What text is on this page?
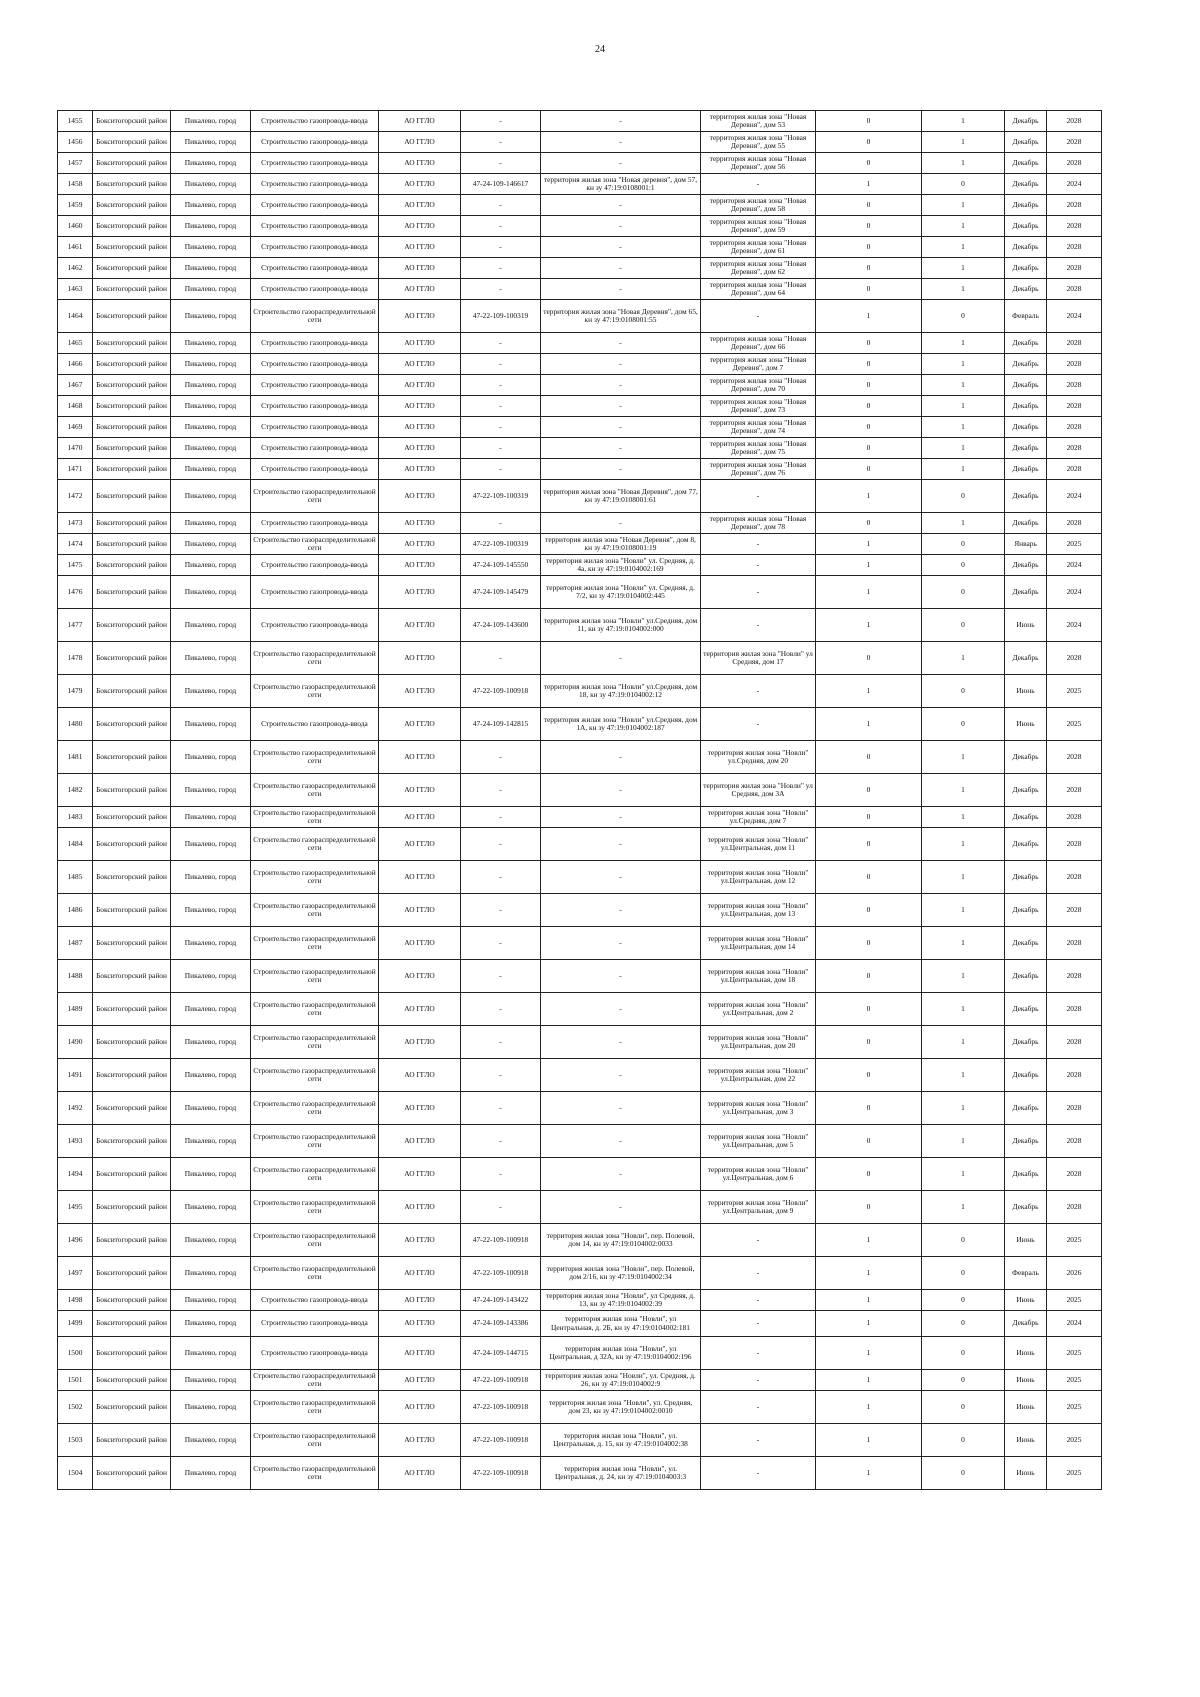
24
1455	Бокситогорский район	Пикалево, город	Строительство газопровода-ввода	АО ГГЛО	-	-	территория жилая зона "Новая Деревня", дом 53	0	1	Декабрь	2028
1456	Бокситогорский район	Пикалево, город	Строительство газопровода-ввода	АО ГГЛО	-	-	территория жилая зона "Новая Деревня", дом 55	0	1	Декабрь	2028
1457	Бокситогорский район	Пикалево, город	Строительство газопровода-ввода	АО ГГЛО	-	-	территория жилая зона "Новая Деревня", дом 56	0	1	Декабрь	2028
1458	Бокситогорский район	Пикалево, город	Строительство газопровода-ввода	АО ГГЛО	47-24-109-146617	территория жилая зона "Новая деревня", дом 57, кн зу 47:19:0108001:1	-	1	0	Декабрь	2024
1459	Бокситогорский район	Пикалево, город	Строительство газопровода-ввода	АО ГГЛО	-	-	территория жилая зона "Новая Деревня", дом 58	0	1	Декабрь	2028
1460	Бокситогорский район	Пикалево, город	Строительство газопровода-ввода	АО ГГЛО	-	-	территория жилая зона "Новая Деревня", дом 59	0	1	Декабрь	2028
1461	Бокситогорский район	Пикалево, город	Строительство газопровода-ввода	АО ГГЛО	-	-	территория жилая зона "Новая Деревня", дом 61	0	1	Декабрь	2028
1462	Бокситогорский район	Пикалево, город	Строительство газопровода-ввода	АО ГГЛО	-	-	территория жилая зона "Новая Деревня", дом 62	0	1	Декабрь	2028
1463	Бокситогорский район	Пикалево, город	Строительство газопровода-ввода	АО ГГЛО	-	-	территория жилая зона "Новая Деревня", дом 64	0	1	Декабрь	2028
1464	Бокситогорский район	Пикалево, город	Строительство газораспределительной сети	АО ГГЛО	47-22-109-100319	территория жилая зона "Новая Деревня", дом 65, кн зу 47:19:0108001:55	-	1	0	Февраль	2024
1465	Бокситогорский район	Пикалево, город	Строительство газопровода-ввода	АО ГГЛО	-	-	территория жилая зона "Новая Деревня", дом 66	0	1	Декабрь	2028
1466	Бокситогорский район	Пикалево, город	Строительство газопровода-ввода	АО ГГЛО	-	-	территория жилая зона "Новая Деревня", дом 7	0	1	Декабрь	2028
1467	Бокситогорский район	Пикалево, город	Строительство газопровода-ввода	АО ГГЛО	-	-	территория жилая зона "Новая Деревня", дом 70	0	1	Декабрь	2028
1468	Бокситогорский район	Пикалево, город	Строительство газопровода-ввода	АО ГГЛО	-	-	территория жилая зона "Новая Деревня", дом 73	0	1	Декабрь	2028
1469	Бокситогорский район	Пикалево, город	Строительство газопровода-ввода	АО ГГЛО	-	-	территория жилая зона "Новая Деревня", дом 74	0	1	Декабрь	2028
1470	Бокситогорский район	Пикалево, город	Строительство газопровода-ввода	АО ГГЛО	-	-	территория жилая зона "Новая Деревня", дом 75	0	1	Декабрь	2028
1471	Бокситогорский район	Пикалево, город	Строительство газопровода-ввода	АО ГГЛО	-	-	территория жилая зона "Новая Деревня", дом 76	0	1	Декабрь	2028
1472	Бокситогорский район	Пикалево, город	Строительство газораспределительной сети	АО ГГЛО	47-22-109-100319	территория жилая зона "Новая Деревня", дом 77, кн зу 47:19:0108001:61	-	1	0	Декабрь	2024
1473	Бокситогорский район	Пикалево, город	Строительство газопровода-ввода	АО ГГЛО	-	-	территория жилая зона "Новая Деревня", дом 78	0	1	Декабрь	2028
1474	Бокситогорский район	Пикалево, город	Строительство газораспределительной сети	АО ГГЛО	47-22-109-100319	территория жилая зона "Новая Деревня", дом 8, кн зу 47:19:0108001:19	-	1	0	Январь	2025
1475	Бокситогорский район	Пикалево, город	Строительство газопровода-ввода	АО ГГЛО	47-24-109-145550	территория жилая зона "Новли" ул. Средняя, д. 4а, кн зу 47:19:0104002:169	-	1	0	Декабрь	2024
1476	Бокситогорский район	Пикалево, город	Строительство газопровода-ввода	АО ГГЛО	47-24-109-145479	территория жилая зона "Новли" ул. Средняя, д. 7/2, кн зу 47:19:0104002:445	-	1	0	Декабрь	2024
1477	Бокситогорский район	Пикалево, город	Строительство газопровода-ввода	АО ГГЛО	47-24-109-143600	территория жилая зона "Новли" ул.Средняя, дом 11, кн зу 47:19:0104002:000	-	1	0	Июнь	2024
1478	Бокситогорский район	Пикалево, город	Строительство газораспределительной сети	АО ГГЛО	-	-	территория жилая зона "Новли" ул Средняя, дом 17	0	1	Декабрь	2028
1479	Бокситогорский район	Пикалево, город	Строительство газораспределительной сети	АО ГГЛО	47-22-109-100918	территория жилая зона "Новли" ул.Средняя, дом 18, кн зу 47:19:0104002:12	-	1	0	Июнь	2025
1480	Бокситогорский район	Пикалево, город	Строительство газопровода-ввода	АО ГГЛО	47-24-109-142815	территория жилая зона "Новли" ул.Средняя, дом 1А, кн зу 47:19:0104002:187	-	1	0	Июнь	2025
1481	Бокситогорский район	Пикалево, город	Строительство газораспределительной сети	АО ГГЛО	-	-	территория жилая зона "Новли" ул.Средняя, дом 20	0	1	Декабрь	2028
1482	Бокситогорский район	Пикалево, город	Строительство газораспределительной сети	АО ГГЛО	-	-	территория жилая зона "Новли" ул Средняя, дом 3А	0	1	Декабрь	2028
1483	Бокситогорский район	Пикалево, город	Строительство газораспределительной сети	АО ГГЛО	-	-	территория жилая зона "Новли" ул.Средняя, дом 7	0	1	Декабрь	2028
1484	Бокситогорский район	Пикалево, город	Строительство газораспределительной сети	АО ГГЛО	-	-	территория жилая зона "Новли" ул.Центральная, дом 11	0	1	Декабрь	2028
1485	Бокситогорский район	Пикалево, город	Строительство газораспределительной сети	АО ГГЛО	-	-	территория жилая зона "Новли" ул.Центральная, дом 12	0	1	Декабрь	2028
1486	Бокситогорский район	Пикалево, город	Строительство газораспределительной сети	АО ГГЛО	-	-	территория жилая зона "Новли" ул.Центральная, дом 13	0	1	Декабрь	2028
1487	Бокситогорский район	Пикалево, город	Строительство газораспределительной сети	АО ГГЛО	-	-	территория жилая зона "Новли" ул.Центральная, дом 14	0	1	Декабрь	2028
1488	Бокситогорский район	Пикалево, город	Строительство газораспределительной сети	АО ГГЛО	-	-	территория жилая зона "Новли" ул.Центральная, дом 18	0	1	Декабрь	2028
1489	Бокситогорский район	Пикалево, город	Строительство газораспределительной сети	АО ГГЛО	-	-	территория жилая зона "Новли" ул.Центральная, дом 2	0	1	Декабрь	2028
1490	Бокситогорский район	Пикалево, город	Строительство газораспределительной сети	АО ГГЛО	-	-	территория жилая зона "Новли" ул.Центральная, дом 20	0	1	Декабрь	2028
1491	Бокситогорский район	Пикалево, город	Строительство газораспределительной сети	АО ГГЛО	-	-	территория жилая зона "Новли" ул.Центральная, дом 22	0	1	Декабрь	2028
1492	Бокситогорский район	Пикалево, город	Строительство газораспределительной сети	АО ГГЛО	-	-	территория жилая зона "Новли" ул.Центральная, дом 3	0	1	Декабрь	2028
1493	Бокситогорский район	Пикалево, город	Строительство газораспределительной сети	АО ГГЛО	-	-	территория жилая зона "Новли" ул.Центральная, дом 5	0	1	Декабрь	2028
1494	Бокситогорский район	Пикалево, город	Строительство газораспределительной сети	АО ГГЛО	-	-	территория жилая зона "Новли" ул.Центральная, дом 6	0	1	Декабрь	2028
1495	Бокситогорский район	Пикалево, город	Строительство газораспределительной сети	АО ГГЛО	-	-	территория жилая зона "Новли" ул.Центральная, дом 9	0	1	Декабрь	2028
1496	Бокситогорский район	Пикалево, город	Строительство газораспределительной сети	АО ГГЛО	47-22-109-100918	территория жилая зона "Новли", пер. Полевой, дом 14, кн зу 47:19:0104002:0033	-	1	0	Июнь	2025
1497	Бокситогорский район	Пикалево, город	Строительство газораспределительной сети	АО ГГЛО	47-22-109-100918	территория жилая зона "Новли", пер. Полевой, дом 2/16, кн зу 47:19:0104002:34	-	1	0	Февраль	2026
1498	Бокситогорский район	Пикалево, город	Строительство газопровода-ввода	АО ГГЛО	47-24-109-143422	территория жилая зона "Новли", ул Средняя, д. 13, кн зу 47:19:0104002:39	-	1	0	Июнь	2025
1499	Бокситогорский район	Пикалево, город	Строительство газопровода-ввода	АО ГГЛО	47-24-109-143386	территория жилая зона "Новли", ул Центральная, д. 2Б, кн зу 47:19:0104002:181	-	1	0	Декабрь	2024
1500	Бокситогорский район	Пикалево, город	Строительство газопровода-ввода	АО ГГЛО	47-24-109-144715	территория жилая зона "Новли", ул Центральная, д 32А, кн зу 47:19:0104002:196	-	1	0	Июнь	2025
1501	Бокситогорский район	Пикалево, город	Строительство газораспределительной сети	АО ГГЛО	47-22-109-100918	территория жилая зона "Новли", ул. Средняя, д. 26, кн зу 47:19:0104002:9	-	1	0	Июнь	2025
1502	Бокситогорский район	Пикалево, город	Строительство газораспределительной сети	АО ГГЛО	47-22-109-100918	территория жилая зона "Новли", ул. Средняя, дом 23, кн зу 47:19:0104002:0010	-	1	0	Июнь	2025
1503	Бокситогорский район	Пикалево, город	Строительство газораспределительной сети	АО ГГЛО	47-22-109-100918	территория жилая зона "Новли", ул. Центральная, д. 15, кн зу 47:19:0104002:38	-	1	0	Июнь	2025
1504	Бокситогорский район	Пикалево, город	Строительство газораспределительной сети	АО ГГЛО	47-22-109-100918	территория жилая зона "Новли", ул. Центральная, д. 24, кн зу 47:19:0104003:3	-	1	0	Июнь	2025
